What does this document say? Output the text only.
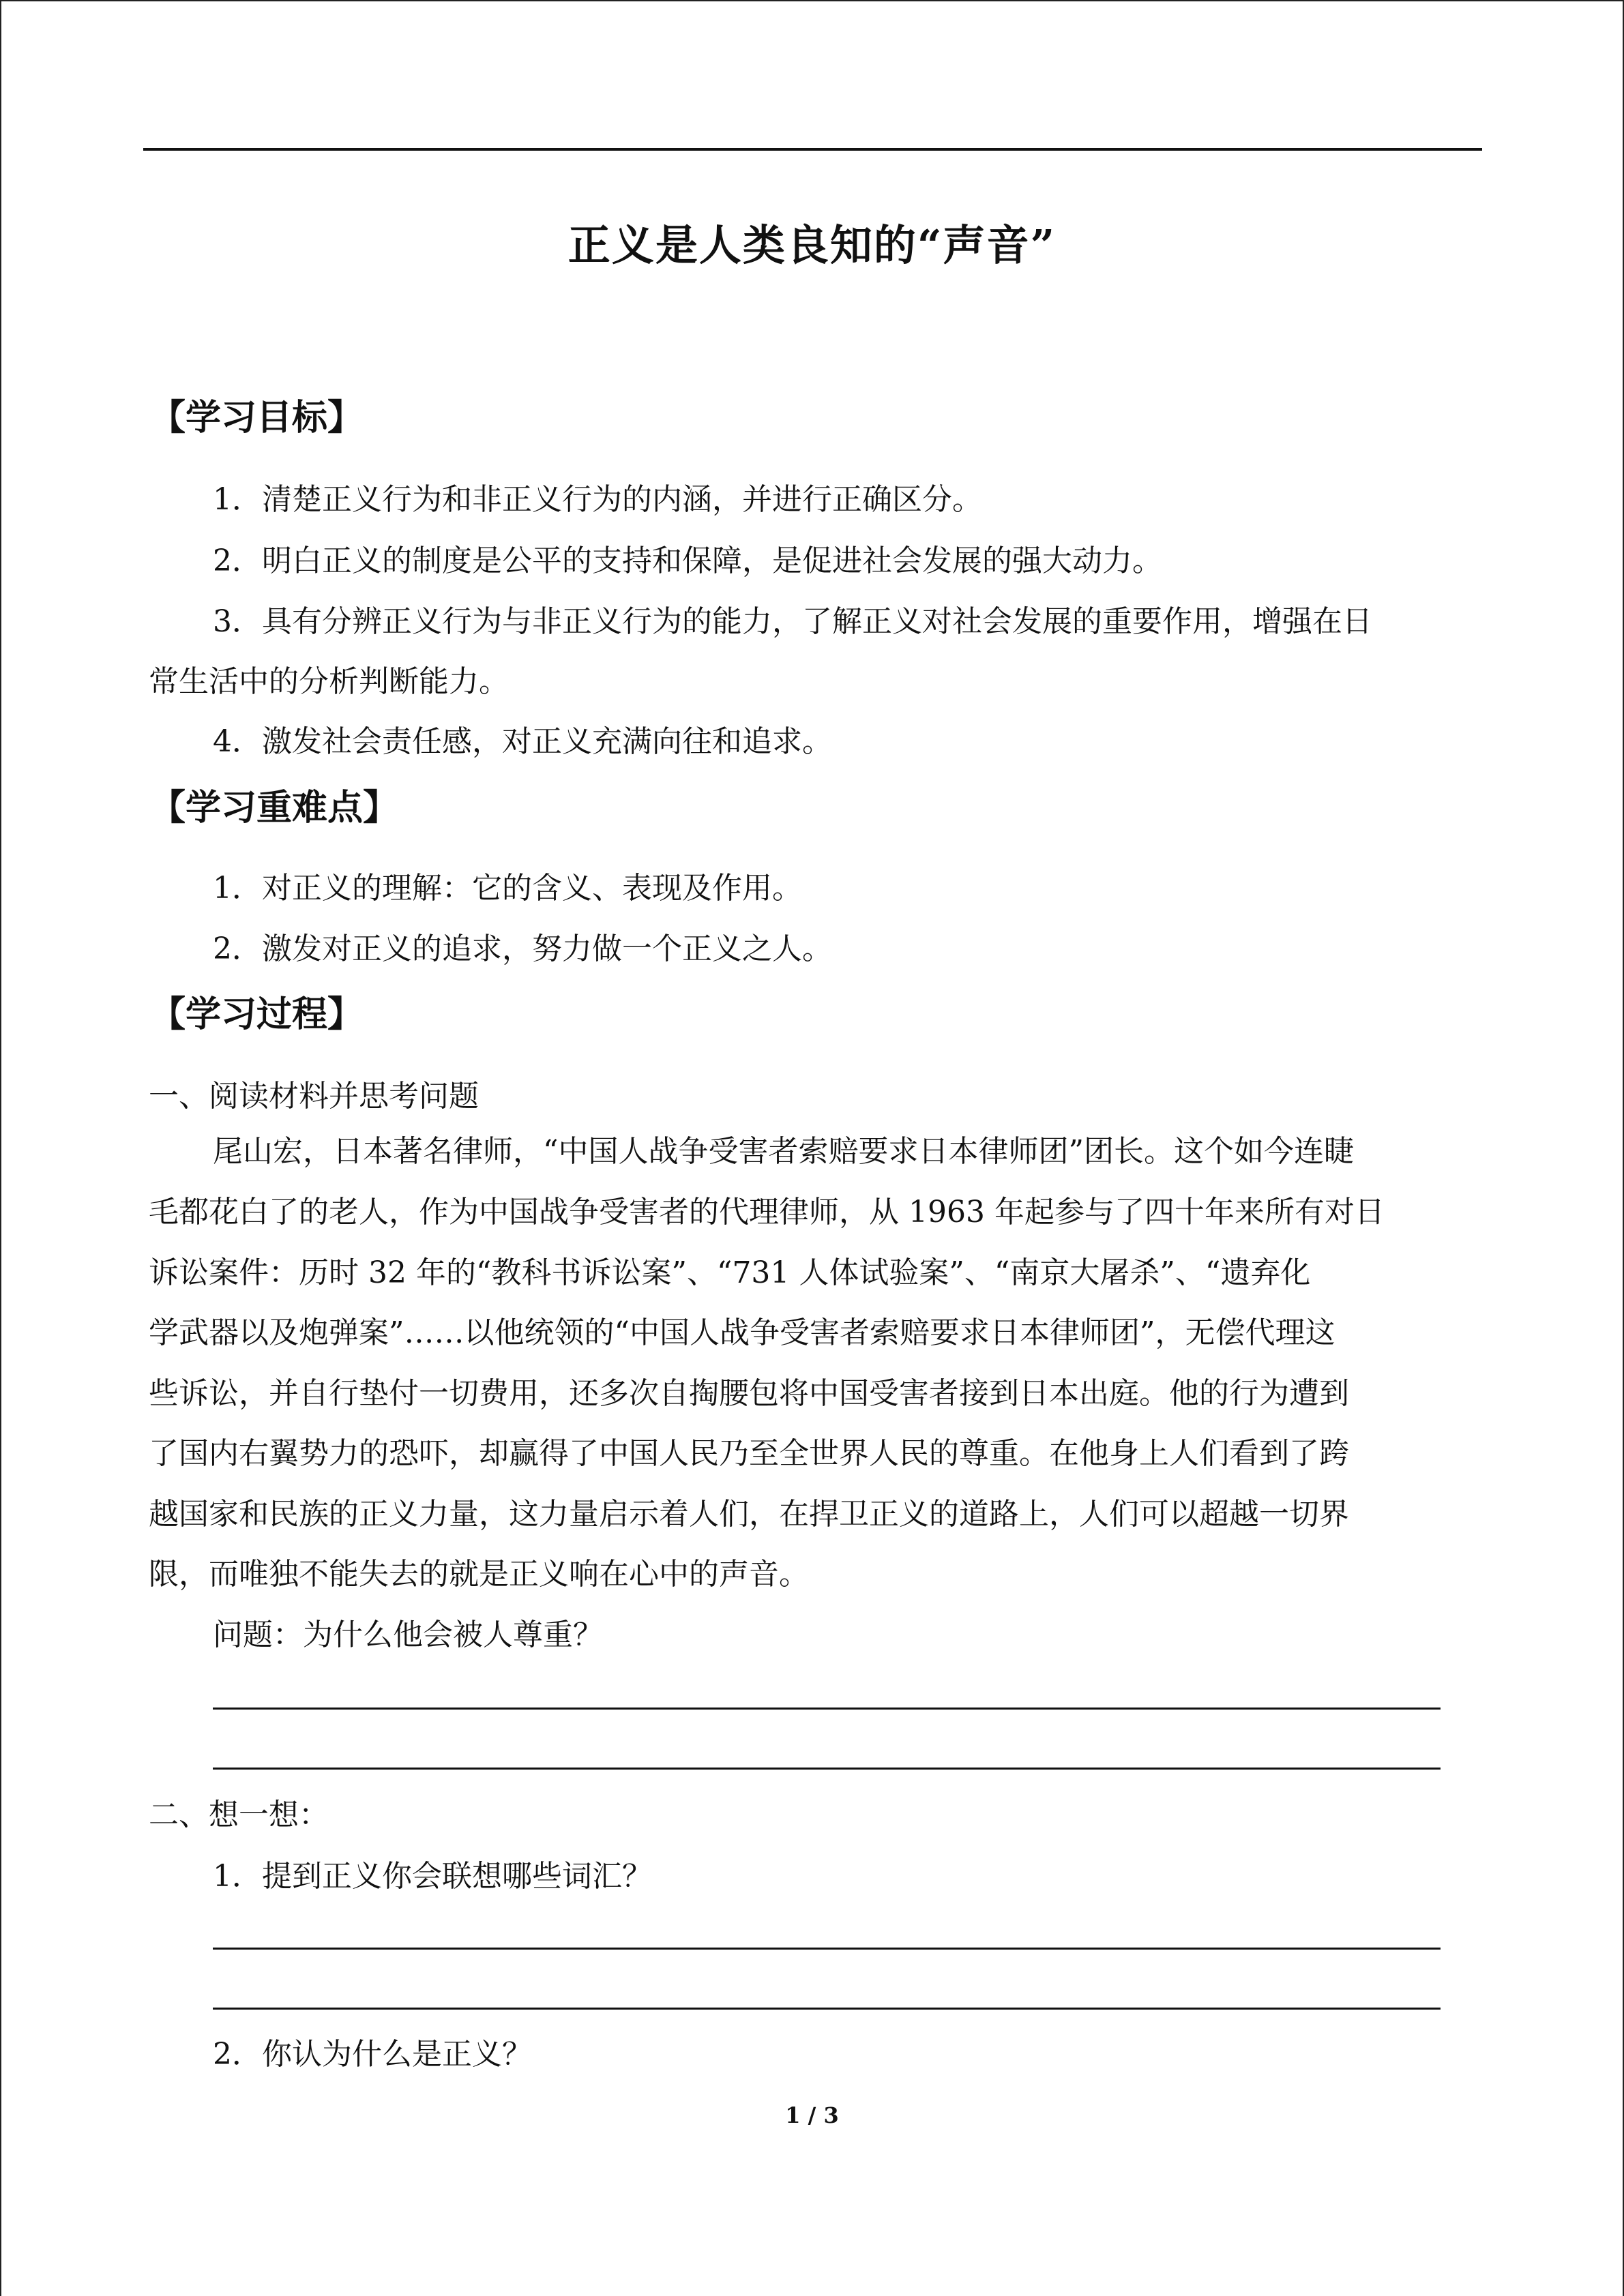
正义是人类良知的“声音”
【学习目标】
1．清楚正义行为和非正义行为的内涵，并进行正确区分。
2．明白正义的制度是公平的支持和保障，是促进社会发展的强大动力。
3．具有分辨正义行为与非正义行为的能力，了解正义对社会发展的重要作用，增强在日
常生活中的分析判断能力。
4．激发社会责任感，对正义充满向往和追求。
【学习重难点】
1．对正义的理解：它的含义、表现及作用。
2．激发对正义的追求，努力做一个正义之人。
【学习过程】
一、阅读材料并思考问题
尾山宏，日本著名律师，“中国人战争受害者索赔要求日本律师团”团长。这个如今连睫
毛都花白了的老人，作为中国战争受害者的代理律师，从 1963 年起参与了四十年来所有对日
诉讼案件：历时 32 年的“教科书诉讼案”、“731 人体试验案”、“南京大屠杀”、“遗弃化
学武器以及炮弹案”……以他统领的“中国人战争受害者索赔要求日本律师团”，无偿代理这
些诉讼，并自行垫付一切费用，还多次自掏腰包将中国受害者接到日本出庭。他的行为遭到
了国内右翼势力的恐吓，却赢得了中国人民乃至全世界人民的尊重。在他身上人们看到了跨
越国家和民族的正义力量，这力量启示着人们，在捍卫正义的道路上，人们可以超越一切界
限，而唯独不能失去的就是正义响在心中的声音。
问题：为什么他会被人尊重？
二、想一想：
1．提到正义你会联想哪些词汇？
2．你认为什么是正义？
1 / 3
